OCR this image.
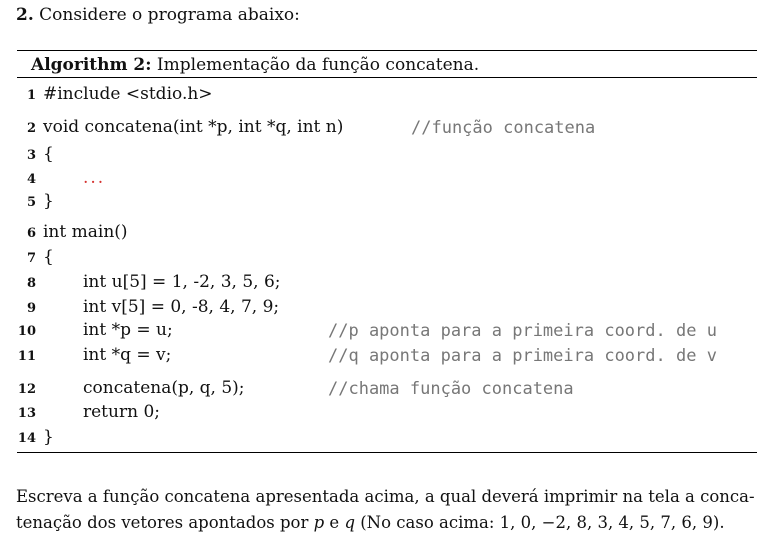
2. Considere o programa abaixo:
Algorithm 2: Implementação da função concatena.
1 #include <stdio.h>
2 void concatena(int *p, int *q, int n)	//função concatena
3 {
4	...
5 }
6 int main()
7 {
8	int u[5] = 1, -2, 3, 5, 6;
9	int v[5] = 0, -8, 4, 7, 9;
10	int *p = u;	//p aponta para a primeira coord. de u
11	int *q = v;	//q aponta para a primeira coord. de v
12	concatena(p, q, 5);	//chama função concatena
13	return 0;
14 }
Escreva a função concatena apresentada acima, a qual deverá imprimir na tela a conca-
tenação dos vetores apontados por p e q (No caso acima: 1, 0, −2, 8, 3, 4, 5, 7, 6, 9).
